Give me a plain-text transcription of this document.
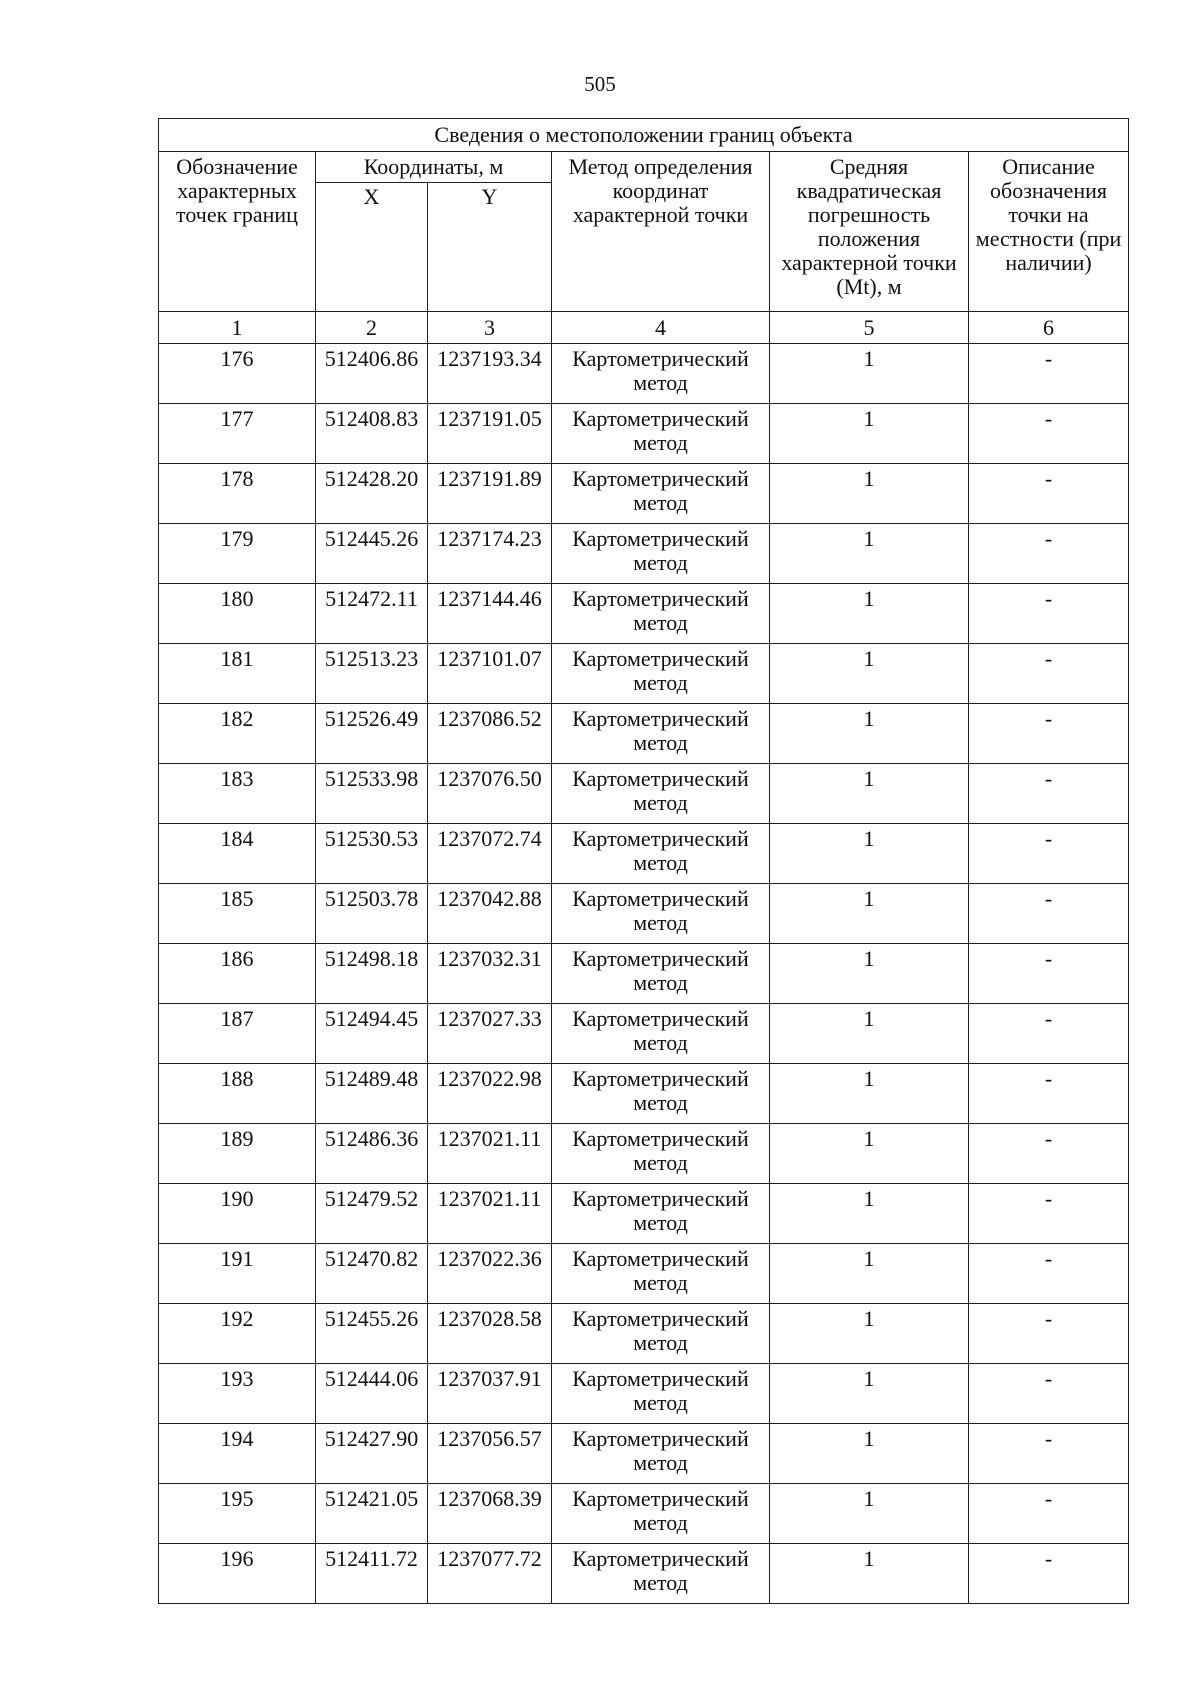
505
Сведения о местоположении границ объекта					
Обозначение характерных точек границ	Координаты, м		Метод определения координат характерной точки	Средняя квадратическая погрешность положения характерной точки (Mt), м	Описание обозначения точки на местности (при наличии)
	X	Y			
1	2	3	4	5	6
176	512406.86	1237193.34	Картометрический метод	1	-
177	512408.83	1237191.05	Картометрический метод	1	-
178	512428.20	1237191.89	Картометрический метод	1	-
179	512445.26	1237174.23	Картометрический метод	1	-
180	512472.11	1237144.46	Картометрический метод	1	-
181	512513.23	1237101.07	Картометрический метод	1	-
182	512526.49	1237086.52	Картометрический метод	1	-
183	512533.98	1237076.50	Картометрический метод	1	-
184	512530.53	1237072.74	Картометрический метод	1	-
185	512503.78	1237042.88	Картометрический метод	1	-
186	512498.18	1237032.31	Картометрический метод	1	-
187	512494.45	1237027.33	Картометрический метод	1	-
188	512489.48	1237022.98	Картометрический метод	1	-
189	512486.36	1237021.11	Картометрический метод	1	-
190	512479.52	1237021.11	Картометрический метод	1	-
191	512470.82	1237022.36	Картометрический метод	1	-
192	512455.26	1237028.58	Картометрический метод	1	-
193	512444.06	1237037.91	Картометрический метод	1	-
194	512427.90	1237056.57	Картометрический метод	1	-
195	512421.05	1237068.39	Картометрический метод	1	-
196	512411.72	1237077.72	Картометрический метод	1	-
